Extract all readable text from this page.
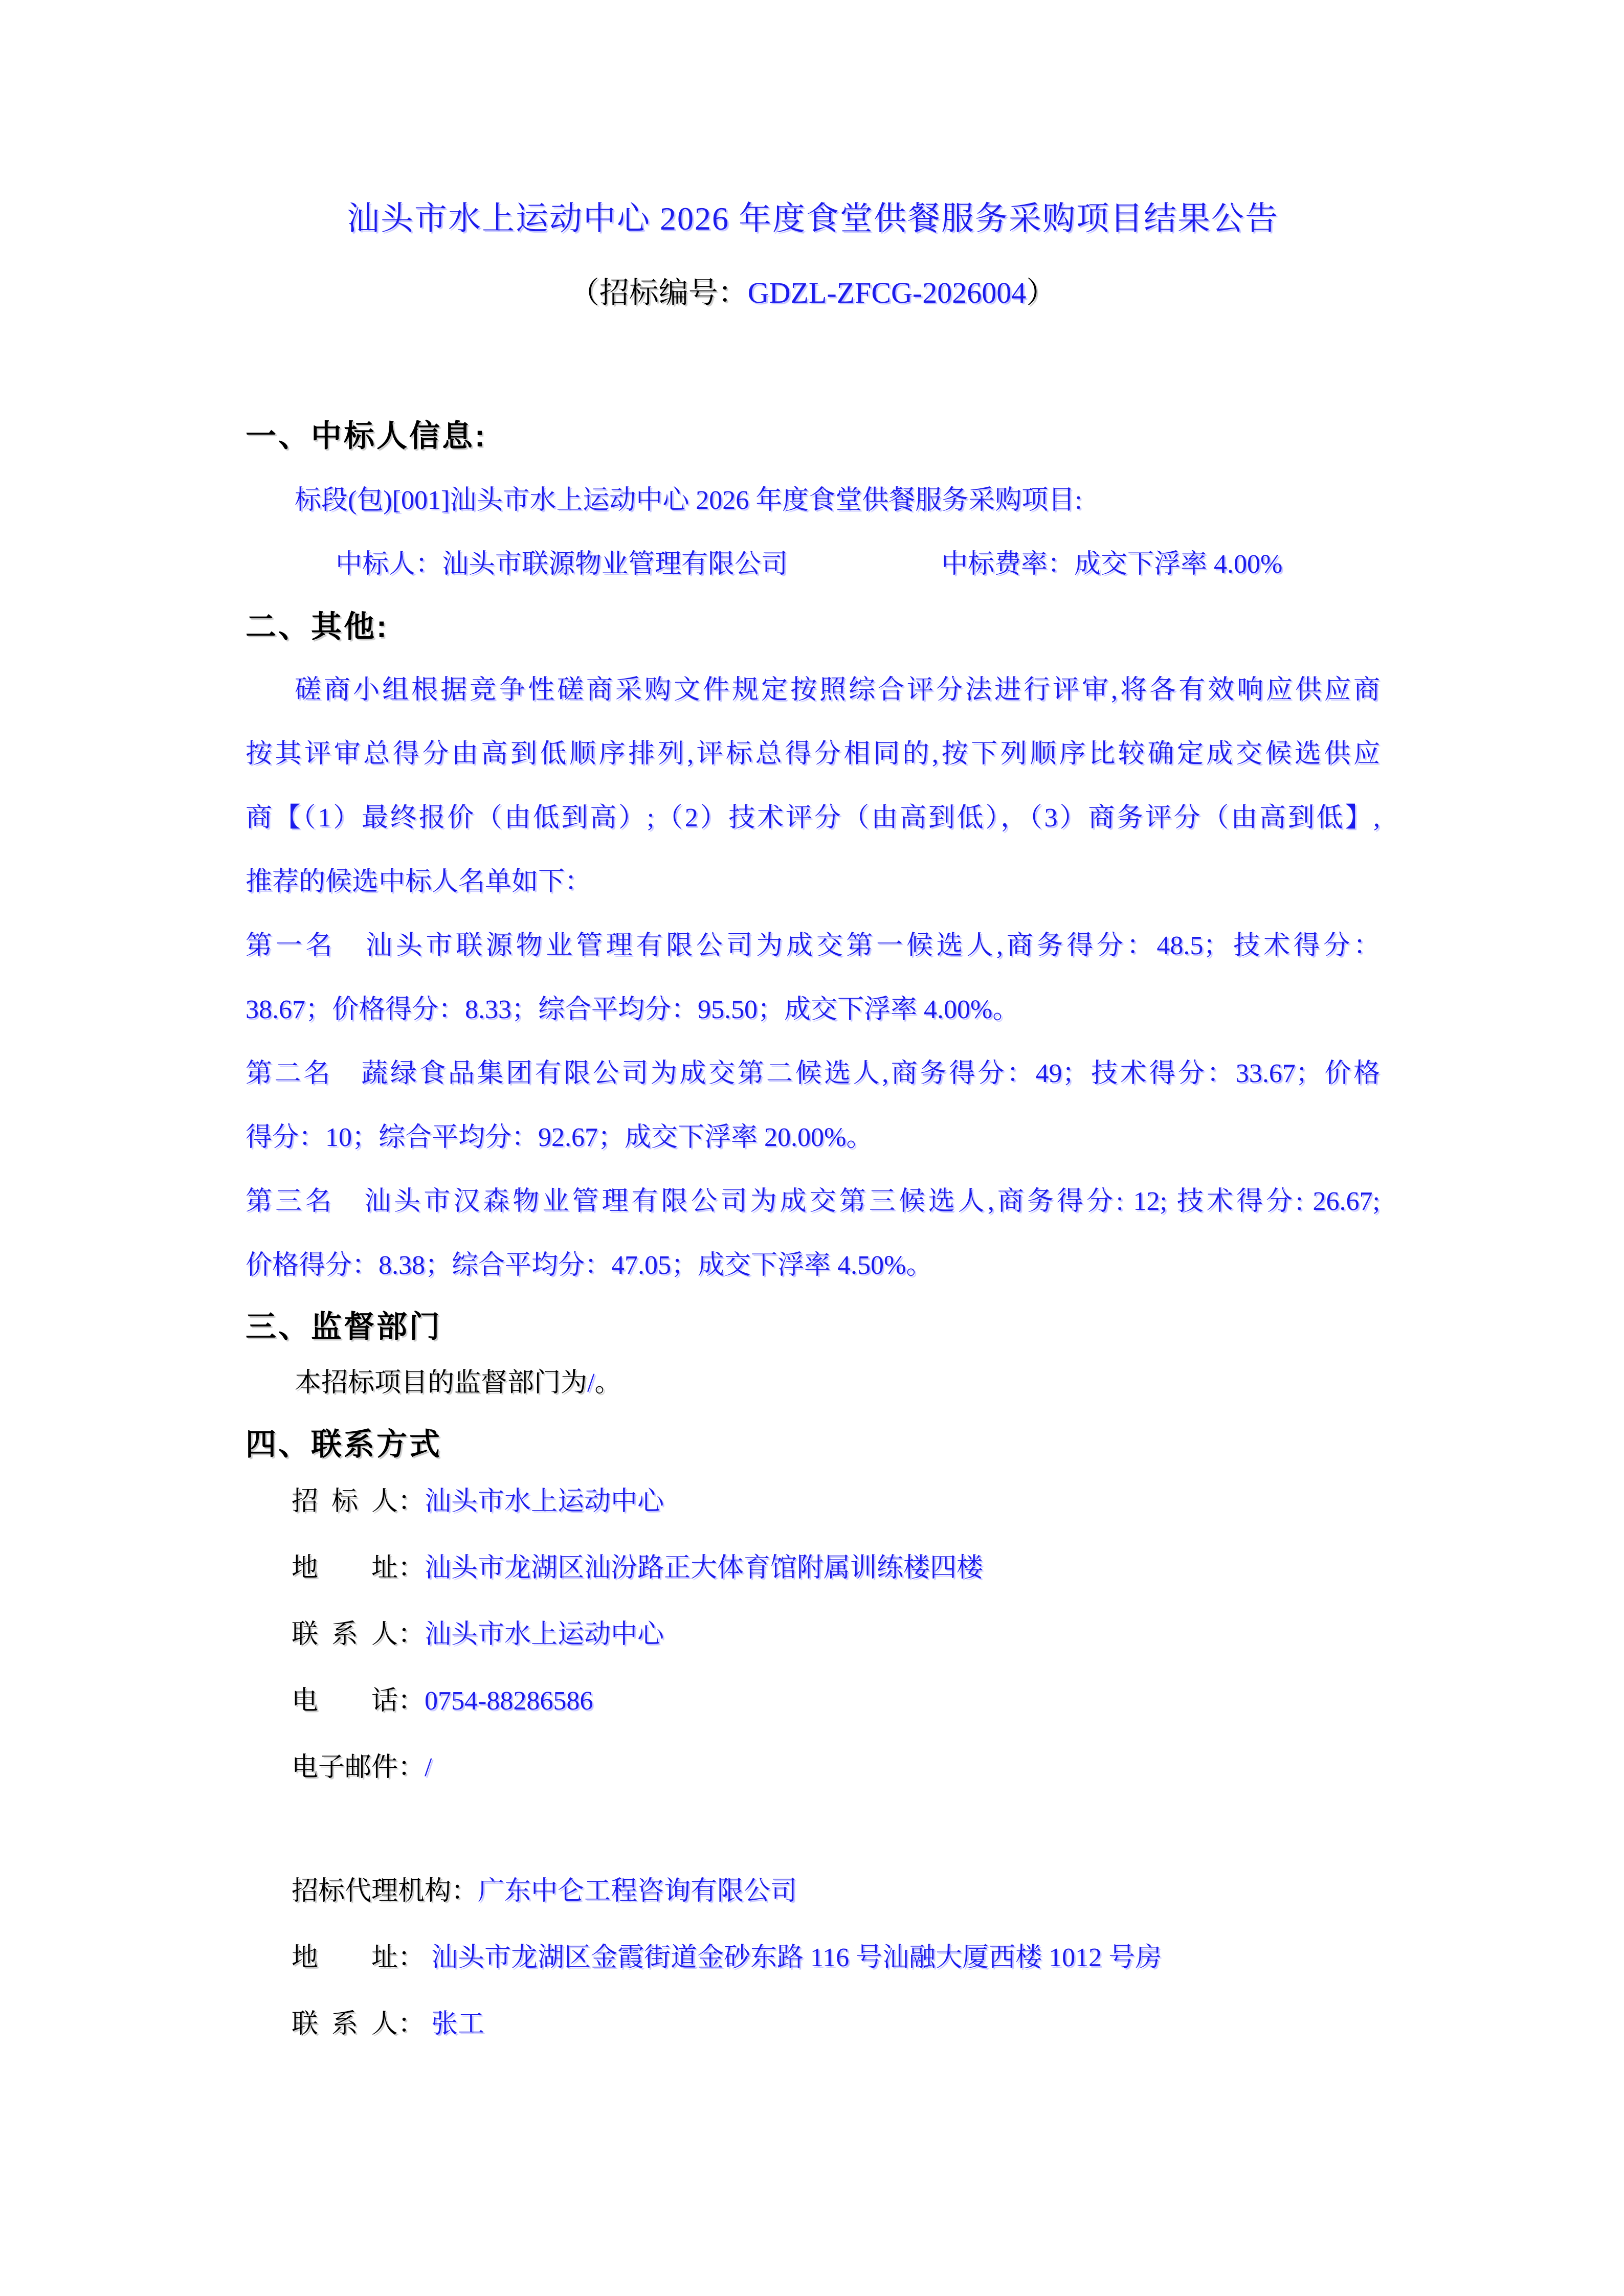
汕头市水上运动中心 2026 年度食堂供餐服务采购项目结果公告
（招标编号：GDZL-ZFCG-2026004）
一、中标人信息:
标段(包)[001]汕头市水上运动中心 2026 年度食堂供餐服务采购项目:
中标人：汕头市联源物业管理有限公司	中标费率：成交下浮率 4.00%
二、其他:
磋商小组根据竞争性磋商采购文件规定按照综合评分法进行评审,将各有效响应供应商
按其评审总得分由高到低顺序排列,评标总得分相同的,按下列顺序比较确定成交候选供应
商【（1）最终报价（由低到高）;（2）技术评分（由高到低），（3）商务评分（由高到低】,
推荐的候选中标人名单如下：
第一名　汕头市联源物业管理有限公司为成交第一候选人,商务得分：48.5；技术得分：
38.67；价格得分：8.33；综合平均分：95.50；成交下浮率 4.00%。
第二名　蔬绿食品集团有限公司为成交第二候选人,商务得分：49；技术得分：33.67；价格
得分：10；综合平均分：92.67；成交下浮率 20.00%。
第三名　汕头市汉森物业管理有限公司为成交第三候选人,商务得分: 12; 技术得分: 26.67;
价格得分：8.38；综合平均分：47.05；成交下浮率 4.50%。
三、监督部门
本招标项目的监督部门为/。
四、联系方式
招  标  人：汕头市水上运动中心
地        址：汕头市龙湖区汕汾路正大体育馆附属训练楼四楼
联  系  人：汕头市水上运动中心
电        话：0754-88286586
电子邮件：/
招标代理机构：广东中仑工程咨询有限公司
地        址： 汕头市龙湖区金霞街道金砂东路 116 号汕融大厦西楼 1012 号房
联  系  人： 张工
